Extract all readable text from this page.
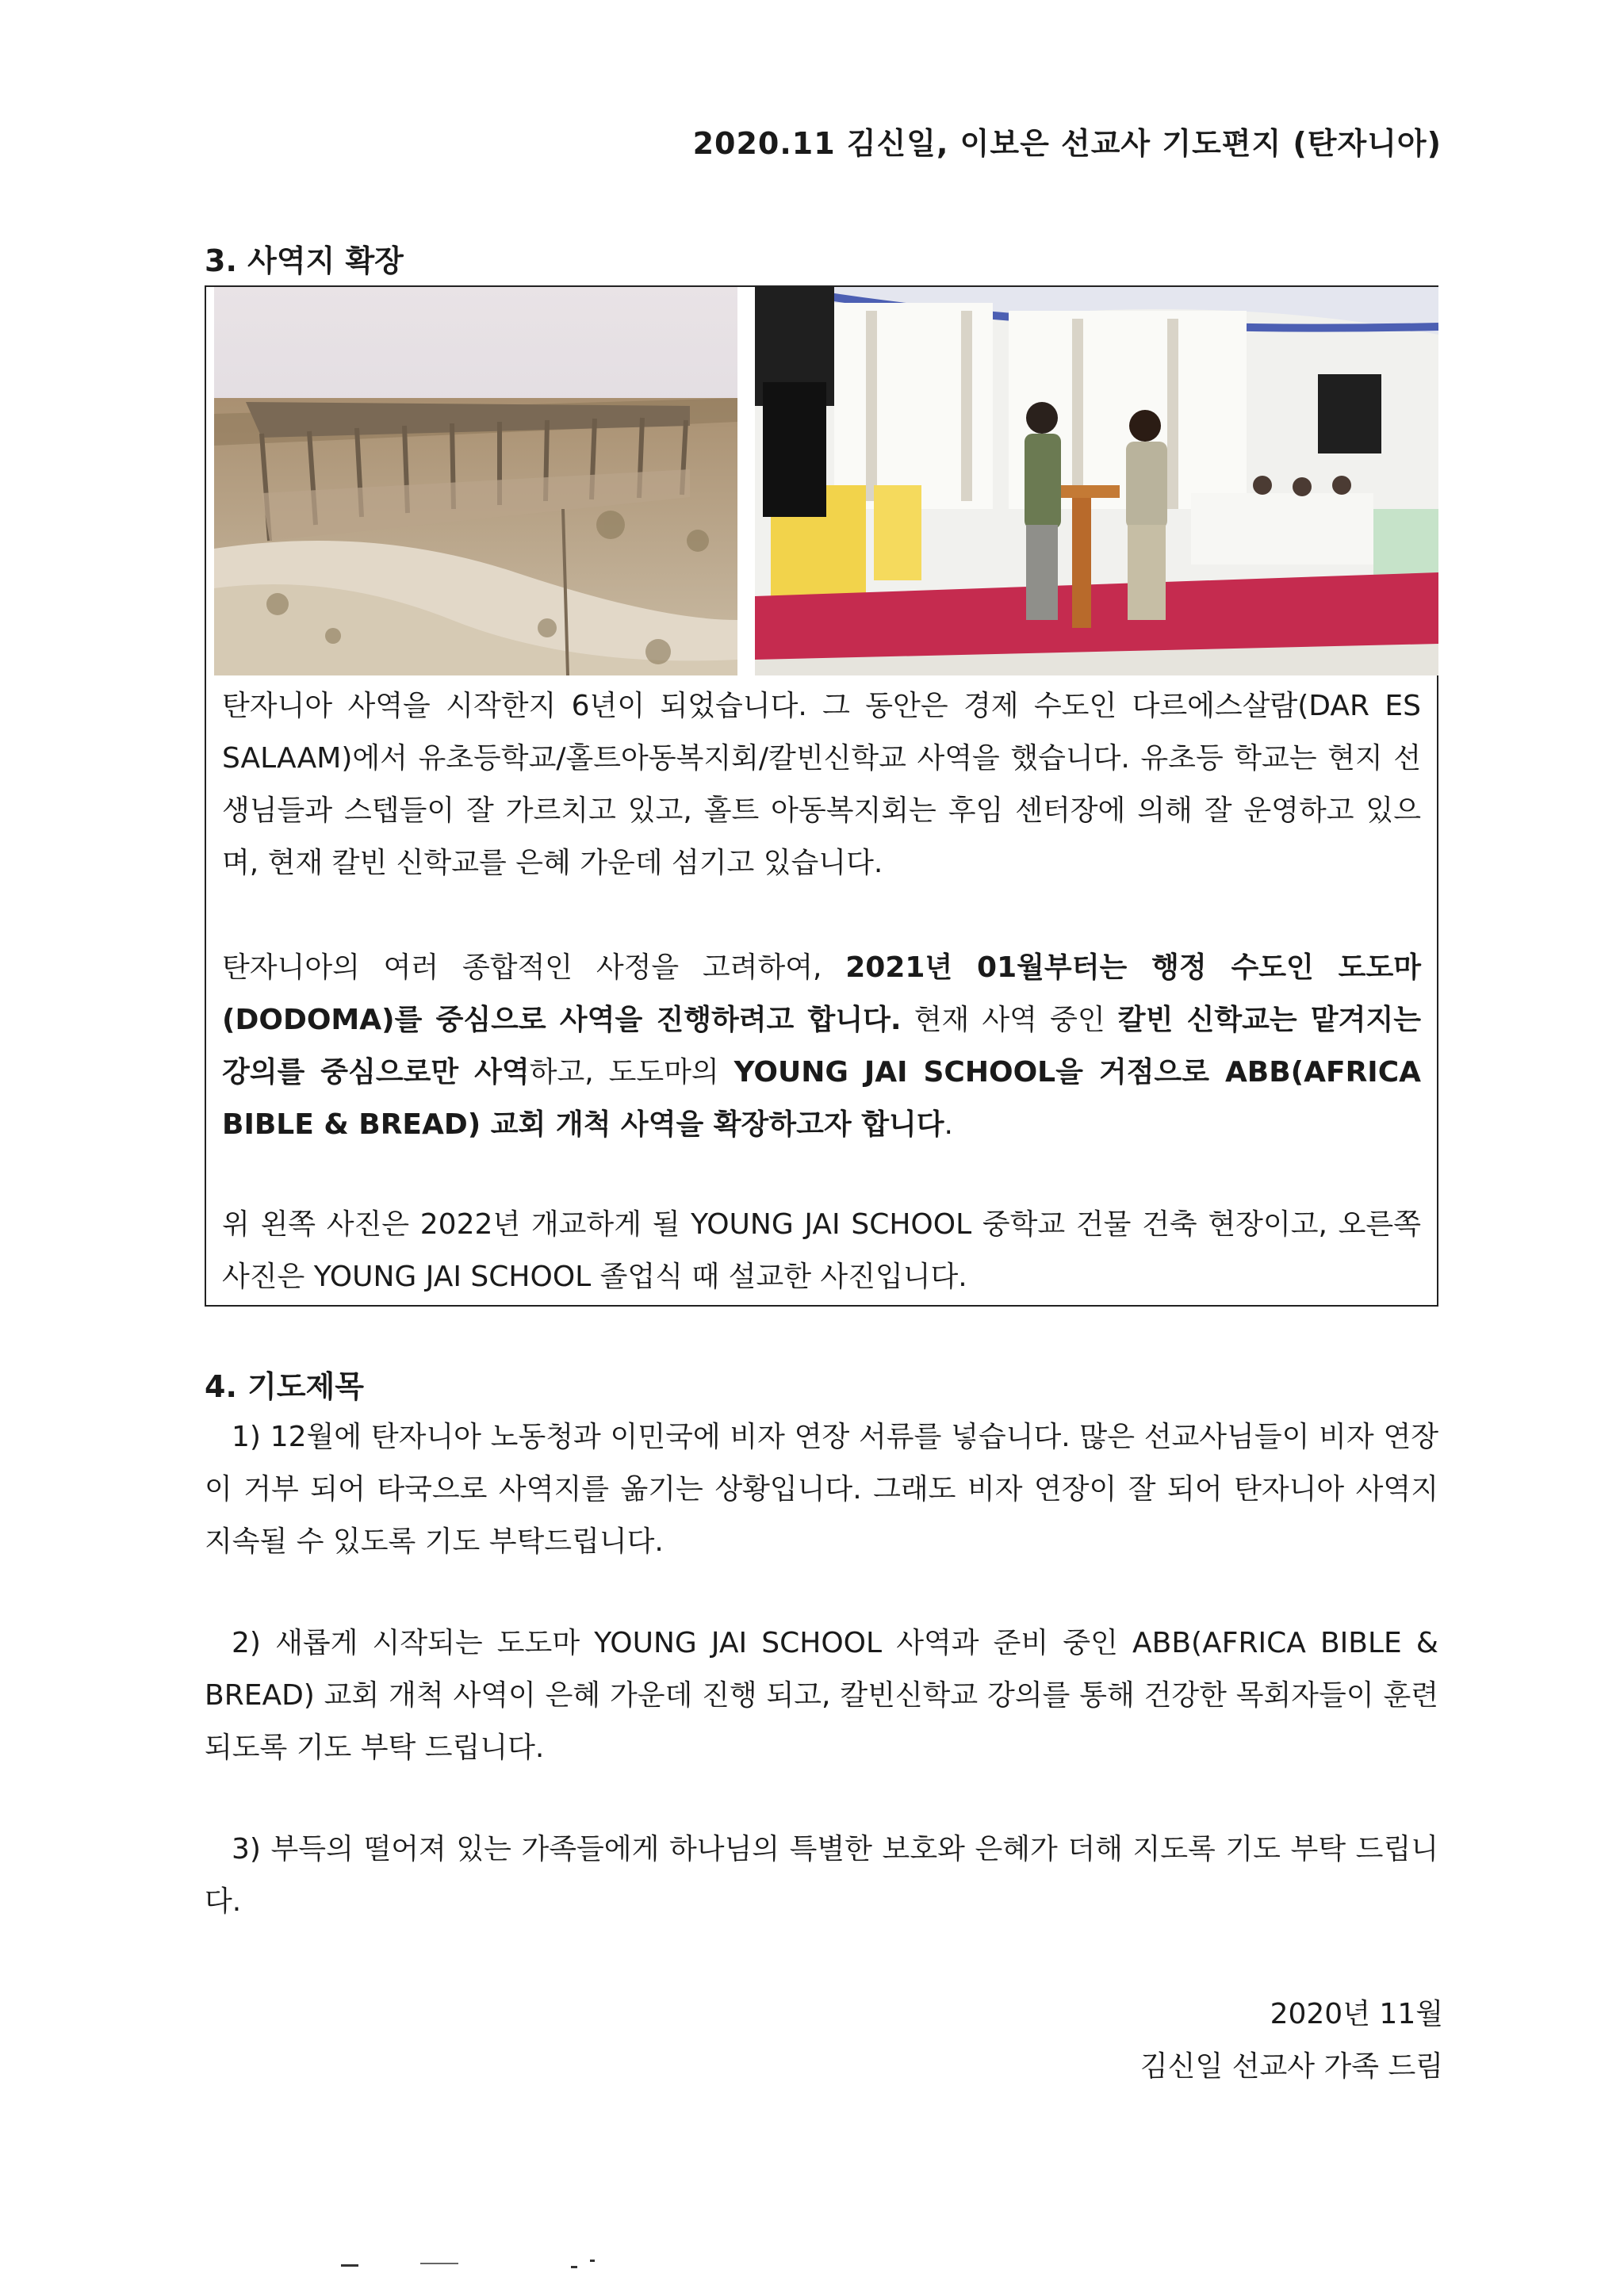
2020.11 김신일, 이보은 선교사 기도편지 (탄자니아)
3. 사역지 확장
탄자니아 사역을 시작한지 6년이 되었습니다. 그 동안은 경제 수도인 다르에스살람(DAR ES SALAAM)에서 유초등학교/홀트아동복지회/칼빈신학교 사역을 했습니다. 유초등 학교는 현지 선생님들과 스텝들이 잘 가르치고 있고, 홀트 아동복지회는 후임 센터장에 의해 잘 운영하고 있으며, 현재 칼빈 신학교를 은혜 가운데 섬기고 있습니다.
탄자니아의 여러 종합적인 사정을 고려하여, 2021년 01월부터는 행정 수도인 도도마(DODOMA)를 중심으로 사역을 진행하려고 합니다. 현재 사역 중인 칼빈 신학교는 맡겨지는 강의를 중심으로만 사역하고, 도도마의 YOUNG JAI SCHOOL을 거점으로 ABB(AFRICA BIBLE & BREAD) 교회 개척 사역을 확장하고자 합니다.
위 왼쪽 사진은 2022년 개교하게 될 YOUNG JAI SCHOOL 중학교 건물 건축 현장이고, 오른쪽 사진은 YOUNG JAI SCHOOL 졸업식 때 설교한 사진입니다.
4. 기도제목
1) 12월에 탄자니아 노동청과 이민국에 비자 연장 서류를 넣습니다. 많은 선교사님들이 비자 연장이 거부 되어 타국으로 사역지를 옮기는 상황입니다. 그래도 비자 연장이 잘 되어 탄자니아 사역지 지속될 수 있도록 기도 부탁드립니다.
2) 새롭게 시작되는 도도마 YOUNG JAI SCHOOL 사역과 준비 중인 ABB(AFRICA BIBLE & BREAD) 교회 개척 사역이 은혜 가운데 진행 되고, 칼빈신학교 강의를 통해 건강한 목회자들이 훈련되도록 기도 부탁 드립니다.
3) 부득의 떨어져 있는 가족들에게 하나님의 특별한 보호와 은혜가 더해 지도록 기도 부탁 드립니다.
2020년 11월
김신일 선교사 가족 드림
